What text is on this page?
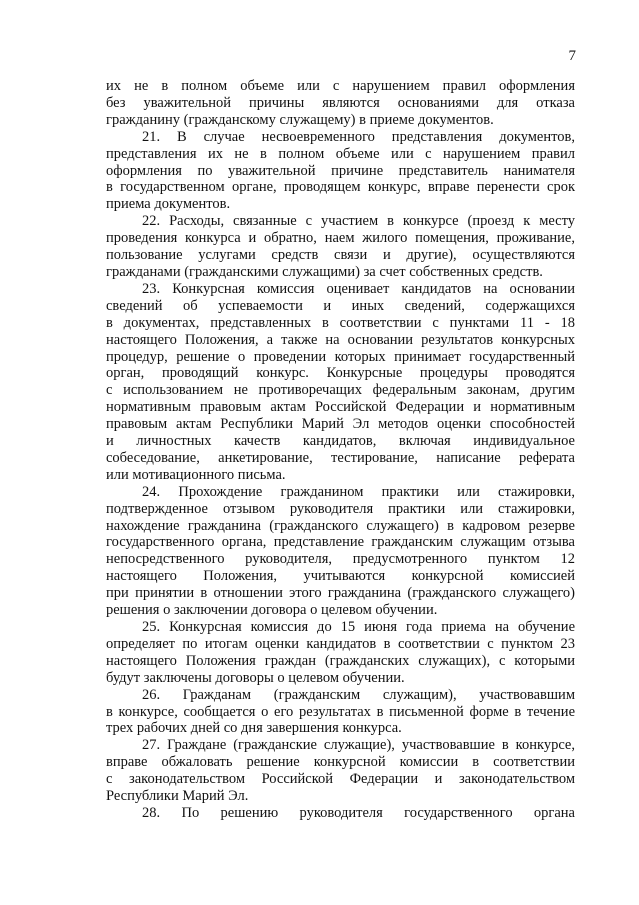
7

их не в полном объеме или с нарушением правил оформления
без уважительной причины являются основаниями для отказа
гражданину (гражданскому служащему) в приеме документов.

21. В случае несвоевременного представления документов,
представления их не в полном объеме или с нарушением правил
оформления по уважительной причине представитель нанимателя
в государственном органе, проводящем конкурс, вправе перенести срок
приема документов.

22. Расходы, связанные с участием в конкурсе (проезд к месту
проведения конкурса и обратно, наем жилого помещения, проживание,
пользование услугами средств связи и другие), осуществляются
гражданами (гражданскими служащими) за счет собственных средств.

23. Конкурсная комиссия оценивает кандидатов на основании
сведений об успеваемости и иных сведений, содержащихся
в документах, представленных в соответствии с пунктами 11 - 18
настоящего Положения, а также на основании результатов конкурсных
процедур, решение о проведении которых принимает государственный
орган, проводящий конкурс. Конкурсные процедуры проводятся
с использованием не противоречащих федеральным законам, другим
нормативным правовым актам Российской Федерации и нормативным
правовым актам Республики Марий Эл методов оценки способностей
и личностных качеств кандидатов, включая индивидуальное
собеседование, анкетирование, тестирование, написание реферата
или мотивационного письма.

24. Прохождение гражданином практики или стажировки,
подтвержденное отзывом руководителя практики или стажировки,
нахождение гражданина (гражданского служащего) в кадровом резерве
государственного органа, представление гражданским служащим отзыва
непосредственного руководителя, предусмотренного пунктом 12
настоящего Положения, учитываются конкурсной комиссией
при принятии в отношении этого гражданина (гражданского служащего)
решения о заключении договора о целевом обучении.

25. Конкурсная комиссия до 15 июня года приема на обучение
определяет по итогам оценки кандидатов в соответствии с пунктом 23
настоящего Положения граждан (гражданских служащих), с которыми
будут заключены договоры о целевом обучении.

26. Гражданам (гражданским служащим), участвовавшим
в конкурсе, сообщается о его результатах в письменной форме в течение
трех рабочих дней со дня завершения конкурса.

27. Граждане (гражданские служащие), участвовавшие в конкурсе,
вправе обжаловать решение конкурсной комиссии в соответствии
с законодательством Российской Федерации и законодательством
Республики Марий Эл.

28. По решению руководителя государственного органа
